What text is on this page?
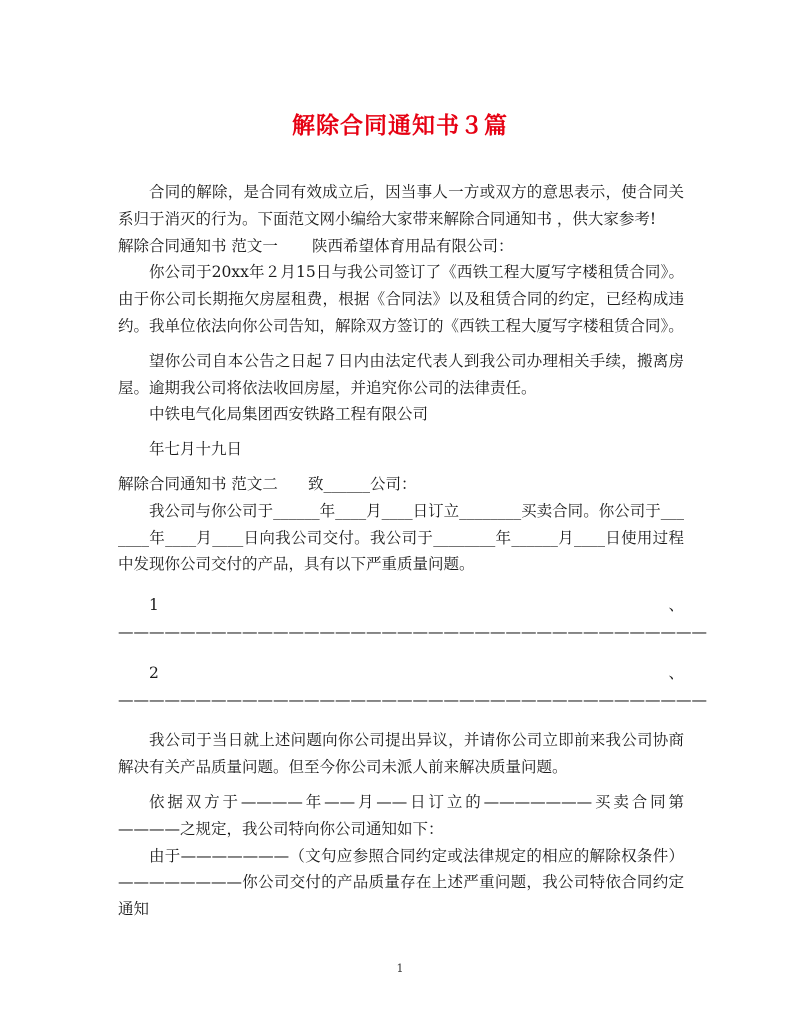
解除合同通知书３篇

合同的解除，是合同有效成立后，因当事人一方或双方的意思表示，使合同关系归于消灭的行为。下面范文网小编给大家带来解除合同通知书 ，供大家参考!

解除合同通知书 范文一 陕西希望体育用品有限公司：

你公司于20xx年２月15日与我公司签订了《西铁工程大厦写字楼租赁合同》。由于你公司长期拖欠房屋租费，根据《合同法》以及租赁合同的约定，已经构成违约。我单位依法向你公司告知，解除双方签订的《西铁工程大厦写字楼租赁合同》。

望你公司自本公告之日起７日内由法定代表人到我公司办理相关手续，搬离房屋。逾期我公司将依法收回房屋，并追究你公司的法律责任。

中铁电气化局集团西安铁路工程有限公司

年七月十九日

解除合同通知书 范文二 致______公司：

我公司与你公司于______年____月____日订立________买卖合同。你公司于_______年____月____日向我公司交付。我公司于________年______月____日使用过程中发现你公司交付的产品，具有以下严重质量问题。

1、——————————————————————————————————————

2、——————————————————————————————————————

我公司于当日就上述问题向你公司提出异议，并请你公司立即前来我公司协商解决有关产品质量问题。但至今你公司未派人前来解决质量问题。

依据双方于————年——月——日订立的———————买卖合同第————之规定，我公司特向你公司通知如下：

由于———————（文句应参照合同约定或法律规定的相应的解除权条件）————————你公司交付的产品质量存在上述严重问题，我公司特依合同约定通知

1
